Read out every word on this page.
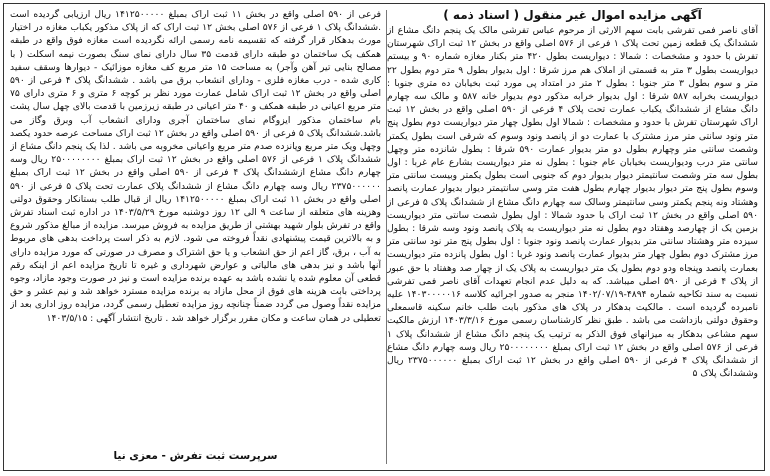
آگهی مزایده اموال غیر منقول ( اسناد ذمه )

آقای ناصر فمی تفرشی بابت سهم الارثی از مرحوم عباس تفرشی مالک یک پنجم دانگ مشاع از ششدانگ یک قطعه زمین تحت پلاک ۱ فرعی از ۵۷۶ اصلی واقع در بخش ۱۲ ثبت اراک شهرستان تفرش با حدود و مشخصات : شمالا : دیواریست بطول ۴۲۰ متر بکنار مغازه شماره ۹۰ و بیستم دیواریست بطول ۳ متر به قسمتی از املاک هم مرز شرقا : اول بدیوار بطول ۹ متر دوم بطول ۲۲ متر و سوم بطول ۳ متر جنوبا : بطول ۲ متر در امتداد پی مورد ثبت بخیابان ده متری جنوبا : دیواریست بخرابه ۵۸۷ شرقا : اول بدیوار خرابه مذکور دوم بدیوار خانه ۵۸۷ و مالک سه چهارم دانگ مشاع از ششدانگ یکباب عمارت تحت پلاک ۴ فرعی از ۵۹۰ اصلی واقع در بخش ۱۲ ثبت اراک شهرستان تفرش با حدود و مشخصات : شمالا اول بطول چهار متر دیواریست دوم بطول پنج متر ونود سانتی متر مرز مشترک با عمارت دو از پانصد ونود وسوم که شرقی است بطول یکمتر وشصت سانتی متر وچهارم بطول دو متر بدیوار عمارت ۵۹۰ شرقا : بطول شانزده متر وچهل سانتی متر درب ودیواریست بخیابان عام جنوبا : بطول نه متر دیواریست بشارع عام غربا : اول بطول سه متر وشصت سانتیمتر دیوار بدیوار دوم که جنوبی است بطول یکمتر وبیست سانتی متر وسوم بطول پنج متر دیوار بدیوار چهارم بطول هفت متر وسی سانتیمتر دیوار بدیوار عمارت پانصد وهشتاد ونه پنجم یکمتر وسی سانتیمتر وسالک سه چهارم دانگ مشاع از ششدانگ پلاک ۵ فرعی از ۵۹۰ اصلی واقع در بخش ۱۲ ثبت اراک با حدود شمالا : اول بطول شصت سانتی متر دیواریست بزمین یک از چهارصد وهفتاد دوم بطول نه متر دیواریست به پلاک پانصد ونود وسه شرقا : بطول سیزده متر وهشتاد سانتی متر بدیوار عمارت پانصد ونود جنوبا : اول بطول پنج متر نود سانتی متر مرز مشترک دوم بطول چهار متر بدیوار عمارت پانصد ونود غربا : اول بطول پانزده متر دیواریست بعمارت پانصد وپنجاه ودو دوم بطول یک متر دیواریست به پلاک یک از چهار صد وهفتاد با حق عبور از پلاک ۴ فرعی از ۵۹۰ اصلی میباشد. که به دلیل عدم انجام تعهدات آقای ناصر فمی تفرشی نسبت به سند تکاحیه شماره ۴۸۹۴-۱۴۰۲/۰۷/۱۹ منجر به صدور اجرائیه کلاسه ۱۴۰۳۰۰۰۰۰۱۶ علیه نامبرده گردیده است . مالکیت بدهکار در پلاک های مذکور بابت طلب خانم سکینه قاسمعلی وحقوق دولتی بازداشت می باشد . طبق نظر کارشناسان رسمی مورخ ۱۴۰۳/۳/۱۶ ارزش مالکیت سهم مشاعی بدهکار به میزانهای فوق الذکر به ترتیب یک پنجم دانگ مشاع از ششدانگ پلاک ۱ فرعی از ۵۷۶ اصلی واقع در بخش ۱۲ ثبت اراک بمبلغ ۲۵۰۰۰۰۰۰۰۰ ریال وسه چهارم دانگ مشاع از ششدانگ پلاک ۴ فرعی از ۵۹۰ اصلی واقع در بخش ۱۲ ثبت اراک بمبلغ ۲۳۷۵۰۰۰۰۰۰ ریال وششدانگ پلاک ۵

فرعی از ۵۹۰ اصلی واقع در بخش ۱۱ ثبت اراک بمبلغ ۱۴۱۲۵۰۰۰۰۰ ریال ارزیابی گردیده است .ششدانگ پلاک ۱ فرعی از ۵۷۶ اصلی بخش ۱۲ ثبت اراک که از پلاک مذکور یکباب مغازه در اختیار مورث بدهکار قرار گرفته که تقسیمه نامه رسمی ارائه نگردیده است مغازه فوق واقع در طبقه همکف یک ساختمان دو طبقه دارای قدمت ۳۵ سال دارای نمای سنگ بصورت نیمه اسکلت ( با مصالح بنایی تیر آهن وآجر) به مساحت ۱۵ متر مربع کف مغازه موزائیک - دیوارها وسقف سفید کاری شده - درب مغازه فلزی - ودارای انشعاب برق می باشد . ششدانگ پلاک ۴ فرعی از ۵۹۰ اصلی واقع در بخش ۱۲ ثبت اراک شامل عمارت مورد نظر بر کوچه ۶ متری و ۶ متری دارای ۷۵ متر مربع اعیانی در طبقه همکف و ۴۰ متر اعیانی در طبقه زیرزمین با قدمت بالای چهل سال پشت بام ساختمان مذکور ایزوگام نمای ساختمان آجری ودارای انشعاب آب وبرق وگاز می باشد.ششدانگ پلاک ۵ فرعی از ۵۹۰ اصلی واقع در بخش ۱۲ ثبت اراک مساحت عرصه حدود یکصد وچهل ویک متر مربع وپانزده صدم متر مربع واعیانی مخروبه می باشد . لذا یک پنجم دانگ مشاع از ششدانگ پلاک ۱ فرعی از ۵۷۶ اصلی واقع در بخش ۱۲ ثبت اراک بمبلغ ۲۵۰۰۰۰۰۰۰۰ ریال وسه چهارم دانگ مشاع ازششدانگ پلاک ۴ فرعی از ۵۹۰ اصلی واقع در بخش ۱۲ ثبت اراک بمبلغ ۲۳۷۵۰۰۰۰۰۰ ریال وسه چهارم دانگ مشاع از ششدانگ پلاک عمارت تحت پلاک ۵ فرعی از ۵۹۰ اصلی واقع در بخش ۱۱ ثبت اراک بمبلغ ۱۴۱۲۵۰۰۰۰۰ ریال از قبال طلب بستانکار وحقوق دولتی وهزینه های متعلقه از ساعت ۹ الی ۱۲ روز دوشنبه مورخ ۱۴۰۳/۵/۲۹ در اداره ثبت اسناد تفرش واقع در تفرش بلوار شهید بهشتی از طریق مزایده به فروش میرسد. مزایده از مبالغ مذکور شروع و به بالاترین قیمت پیشنهادی نقداً فروخته می شود. لازم به ذکر است پرداخت بدهی های مربوط به آب ، برق، گاز اعم از حق انشعاب و یا حق اشتراک و مصرف در صورتی که مورد مزایده دارای آنها باشد و نیز بدهی های مالیاتی و عوارض شهرداری و غیره تا تاریخ مزایده اعم از اینکه رقم قطعی آن معلوم شده یا نشده باشد به عهده برنده مزایده است و نیز در صورت وجود مازاد، وجوه پرداختی بابت هزینه های فوق از محل مازاد به برنده مزایده مسترد خواهد شد و نیم عشر و حق مزایده نقداً وصول می گردد ضمناً چنانچه روز مزایده تعطیل رسمی گردد، مزایده روز اداری بعد از تعطیلی در همان ساعت و مکان مقرر برگزار خواهد شد . تاریخ انتشار آگهی : ۱۴۰۳/۵/۱۵

سرپرست ثبت تفرش - معزی نیا
